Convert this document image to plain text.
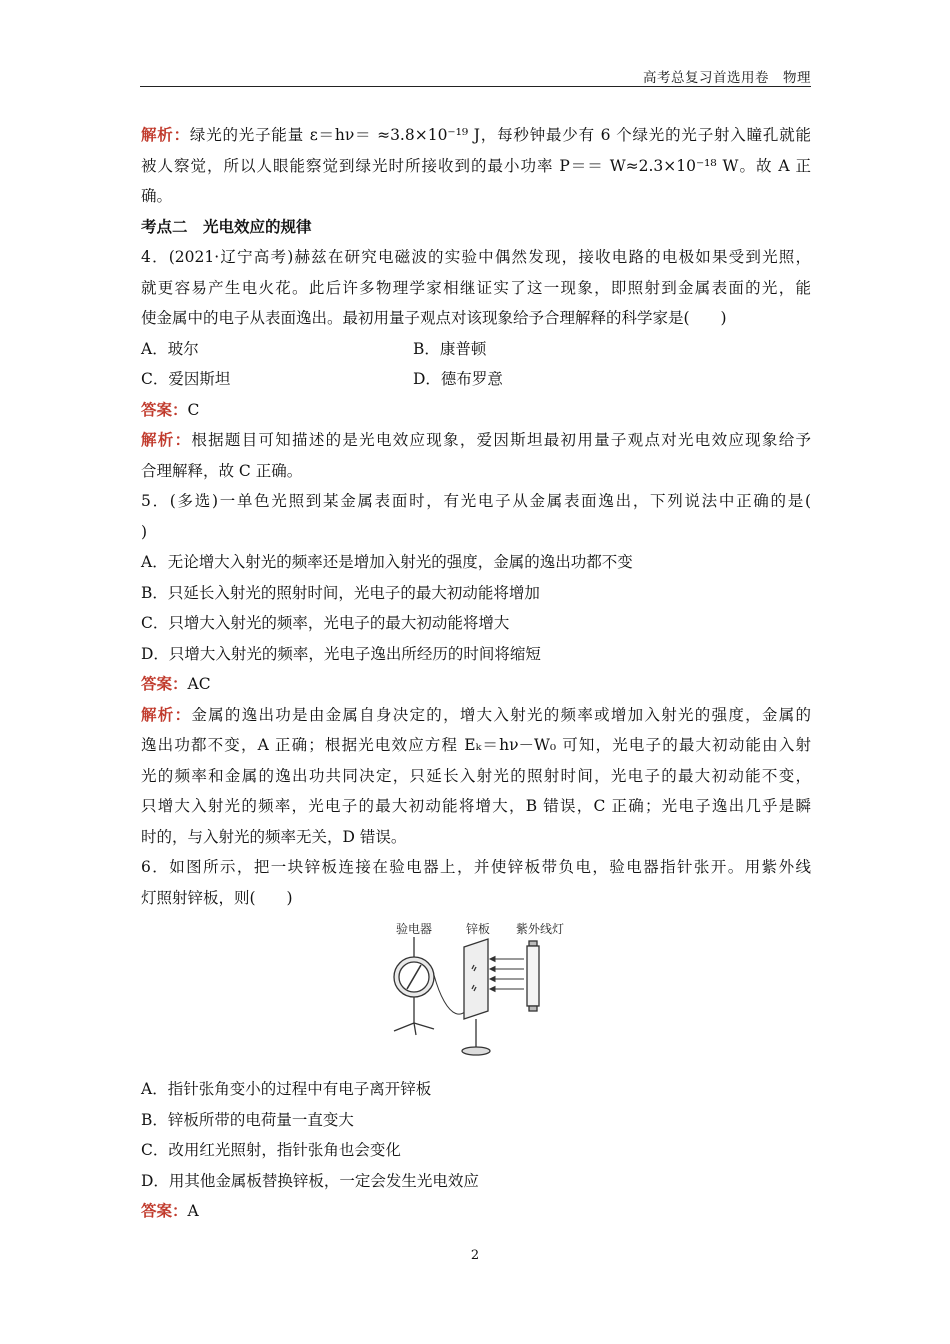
高考总复习首选用卷　物理
解析：绿光的光子能量 ε＝hν＝ ≈3.8×10⁻¹⁹ J，每秒钟最少有 6 个绿光的光子射入瞳孔就能
被人察觉，所以人眼能察觉到绿光时所接收到的最小功率 P＝＝ W≈2.3×10⁻¹⁸ W。故 A 正
确。
考点二　光电效应的规律
4．(2021·辽宁高考)赫兹在研究电磁波的实验中偶然发现，接收电路的电极如果受到光照，
就更容易产生电火花。此后许多物理学家相继证实了这一现象，即照射到金属表面的光，能
使金属中的电子从表面逸出。最初用量子观点对该现象给予合理解释的科学家是(　　)
A．玻尔	B．康普顿
C．爱因斯坦	D．德布罗意
答案：C
解析：根据题目可知描述的是光电效应现象，爱因斯坦最初用量子观点对光电效应现象给予
合理解释，故 C 正确。
5．(多选)一单色光照到某金属表面时，有光电子从金属表面逸出，下列说法中正确的是(
)
A．无论增大入射光的频率还是增加入射光的强度，金属的逸出功都不变
B．只延长入射光的照射时间，光电子的最大初动能将增加
C．只增大入射光的频率，光电子的最大初动能将增大
D．只增大入射光的频率，光电子逸出所经历的时间将缩短
答案：AC
解析：金属的逸出功是由金属自身决定的，增大入射光的频率或增加入射光的强度，金属的
逸出功都不变，A 正确；根据光电效应方程 Eₖ＝hν－W₀ 可知，光电子的最大初动能由入射
光的频率和金属的逸出功共同决定，只延长入射光的照射时间，光电子的最大初动能不变，
只增大入射光的频率，光电子的最大初动能将增大，B 错误，C 正确；光电子逸出几乎是瞬
时的，与入射光的频率无关，D 错误。
6．如图所示，把一块锌板连接在验电器上，并使锌板带负电，验电器指针张开。用紫外线
灯照射锌板，则(　　)
验电器	锌板 紫外线灯
A．指针张角变小的过程中有电子离开锌板
B．锌板所带的电荷量一直变大
C．改用红光照射，指针张角也会变化
D．用其他金属板替换锌板，一定会发生光电效应
答案：A
2
